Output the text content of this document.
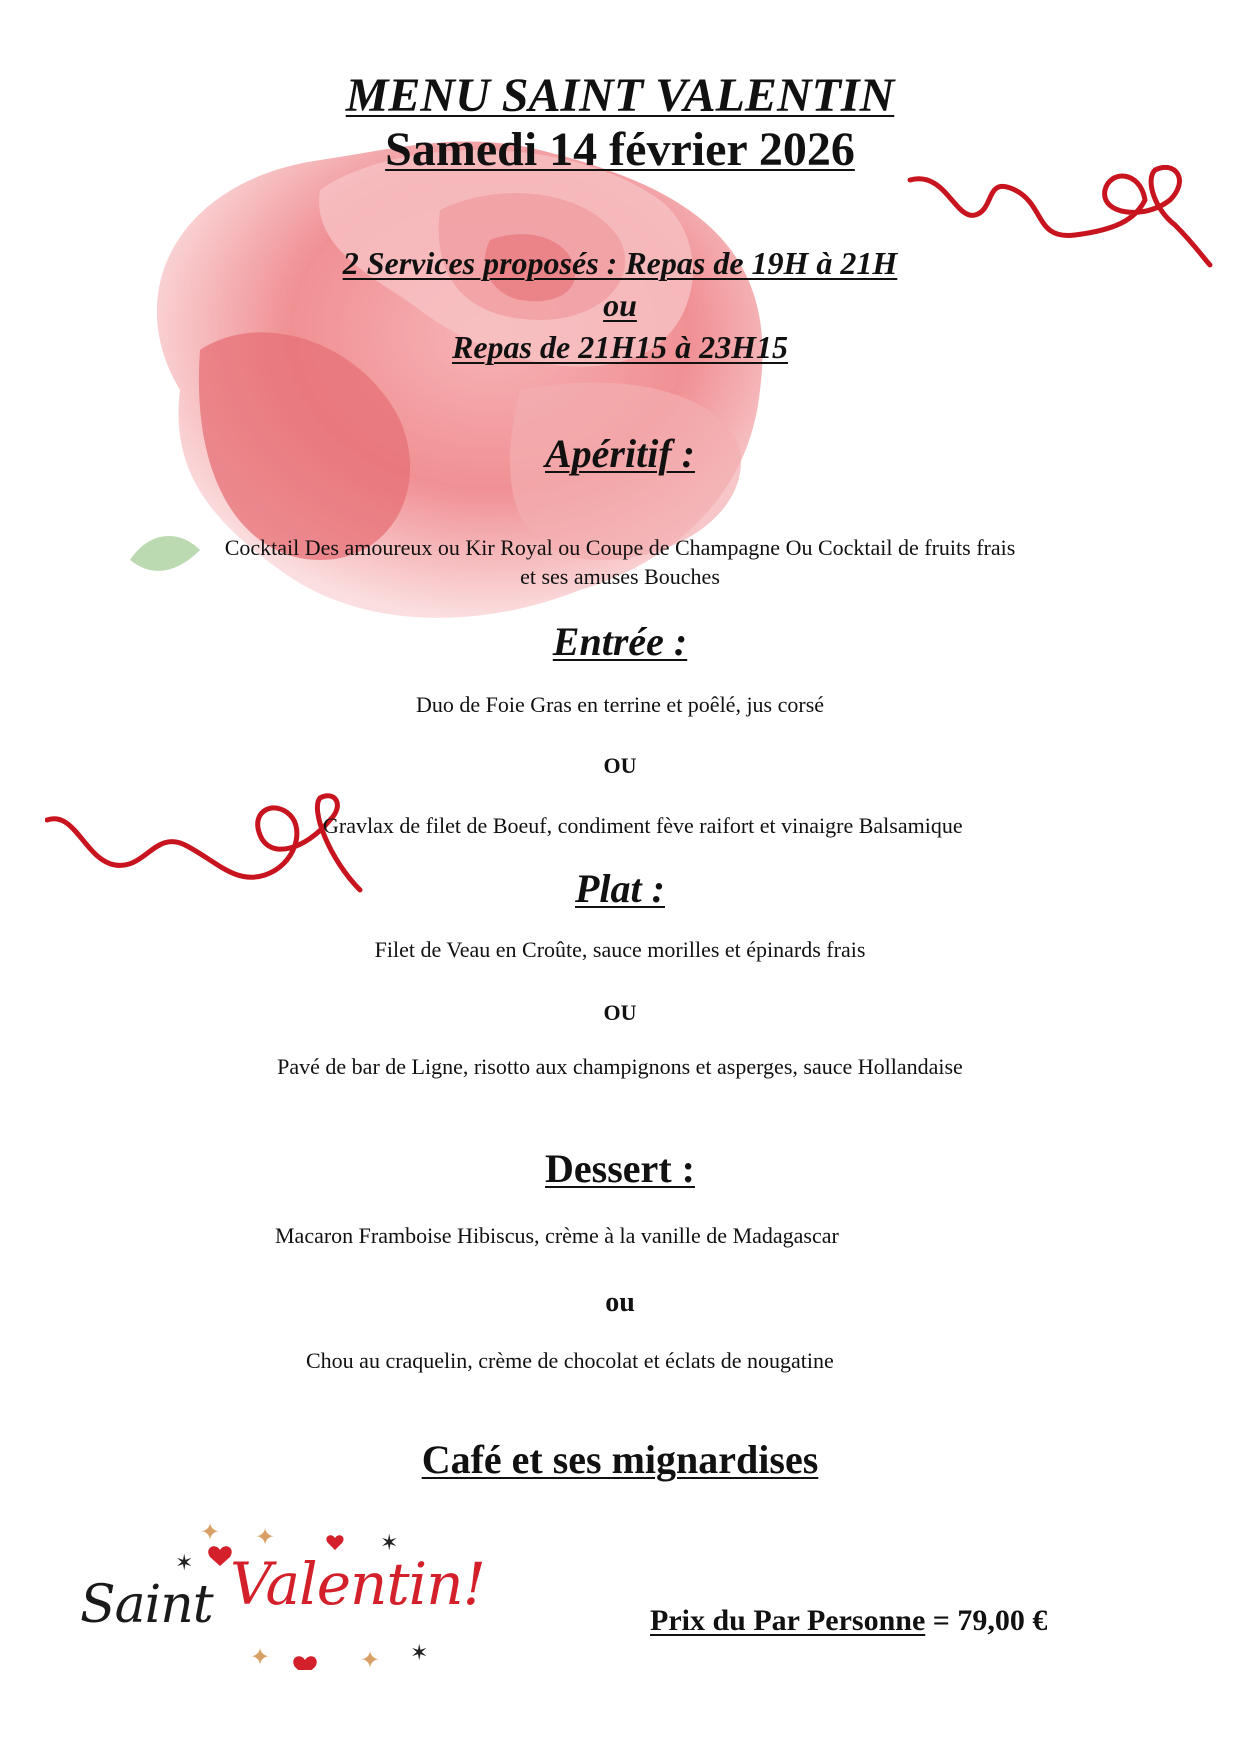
MENU SAINT VALENTIN
Samedi 14 février 2026
2 Services proposés : Repas de 19H à 21H
ou
Repas de 21H15 à 23H15
Apéritif :
Cocktail Des amoureux ou Kir Royal ou Coupe de Champagne Ou Cocktail de fruits frais
et ses amuses Bouches
Entrée :
Duo de Foie Gras en terrine et poêlé, jus corsé
OU
Gravlax de filet de Boeuf, condiment fève raifort et vinaigre Balsamique
Plat :
Filet de Veau en Croûte, sauce morilles et épinards frais
OU
Pavé de bar de Ligne, risotto aux champignons et asperges, sauce Hollandaise
Dessert :
Macaron Framboise Hibiscus, crème à la vanille de Madagascar
ou
Chou au craquelin, crème de chocolat et éclats de nougatine
Café et ses mignardises
✶
✶
✶
✦
✦	✦
✦
Saint Valentin!
Prix du Par Personne = 79,00 €
